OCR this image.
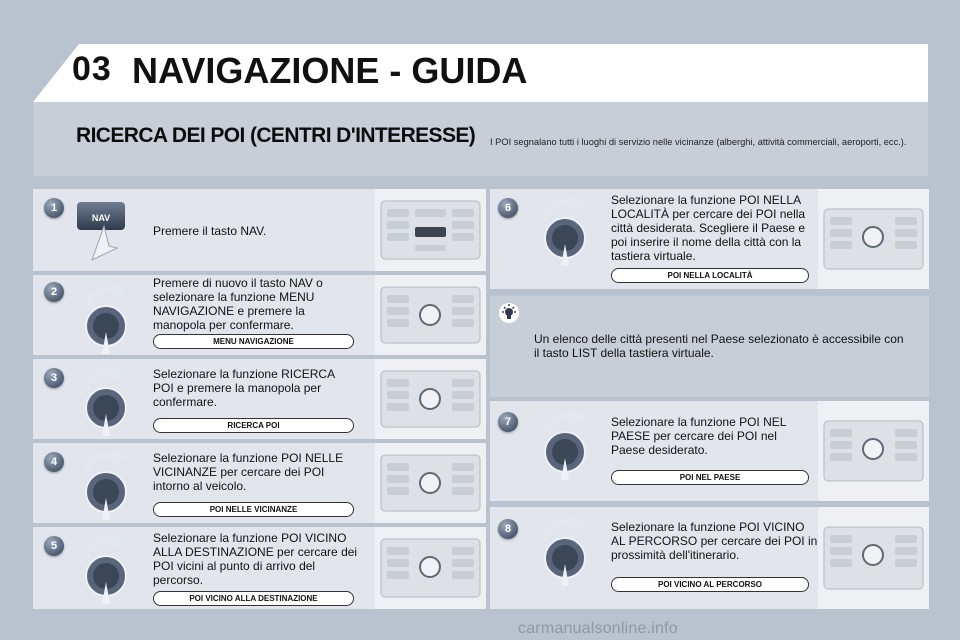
03 NAVIGAZIONE - GUIDA
RICERCA DEI POI (CENTRI D'INTERESSE) I POI segnalano tutti i luoghi di servizio nelle vicinanze (alberghi, attività commerciali, aeroporti, ecc.).
1
NAV
Premere il tasto NAV.
2
Premere di nuovo il tasto NAV o selezionare la funzione MENU NAVIGAZIONE e premere la manopola per confermare.
MENU NAVIGAZIONE
3	Selezionare la funzione RICERCA POI e premere la manopola per confermare.
RICERCA POI
4	Selezionare la funzione POI NELLE VICINANZE per cercare dei POI intorno al veicolo.
POI NELLE VICINANZE
5
Selezionare la funzione POI VICINO ALLA DESTINAZIONE per cercare dei POI vicini al punto di arrivo del percorso.
POI VICINO ALLA DESTINAZIONE
6
Selezionare la funzione POI NELLA LOCALITÀ per cercare dei POI nella città desiderata. Scegliere il Paese e poi inserire il nome della città con la tastiera virtuale.
POI NELLA LOCALITÀ
Un elenco delle città presenti nel Paese selezionato è accessibile con il tasto LIST della tastiera virtuale.
7	Selezionare la funzione POI NEL PAESE per cercare dei POI nel Paese desiderato.
POI NEL PAESE
8	Selezionare la funzione POI VICINO AL PERCORSO per cercare dei POI in prossimità dell'itinerario.
POI VICINO AL PERCORSO
carmanualsonline.info
